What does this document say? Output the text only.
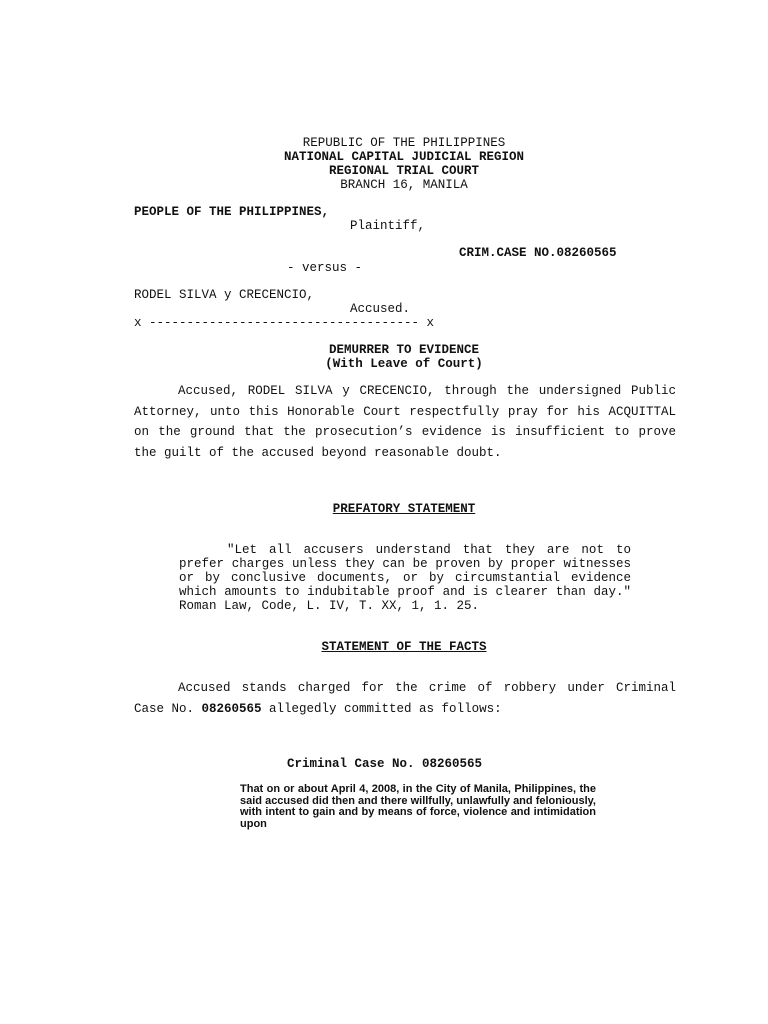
REPUBLIC OF THE PHILIPPINES
NATIONAL CAPITAL JUDICIAL REGION
REGIONAL TRIAL COURT
BRANCH 16, MANILA
PEOPLE OF THE PHILIPPINES,
Plaintiff,
CRIM.CASE NO.08260565
- versus -
RODEL SILVA y CRECENCIO,
Accused.
x ------------------------------------ x
DEMURRER TO EVIDENCE
(With Leave of Court)
Accused, RODEL SILVA y CRECENCIO, through the undersigned Public Attorney, unto this Honorable Court respectfully pray for his ACQUITTAL on the ground that the prosecution’s evidence is insufficient to prove the guilt of the accused beyond reasonable doubt.
PREFATORY STATEMENT
"Let all accusers understand that they are not to prefer charges unless they can be proven by proper witnesses or by conclusive documents, or by circumstantial evidence which amounts to indubitable proof and is clearer than day." Roman Law, Code, L. IV, T. XX, 1, 1. 25.
STATEMENT OF THE FACTS
Accused stands charged for the crime of robbery under Criminal Case No. 08260565 allegedly committed as follows:
Criminal Case No. 08260565
That on or about April 4, 2008, in the City of Manila, Philippines, the said accused did then and there willfully, unlawfully and feloniously, with intent to gain and by means of force, violence and intimidation upon
